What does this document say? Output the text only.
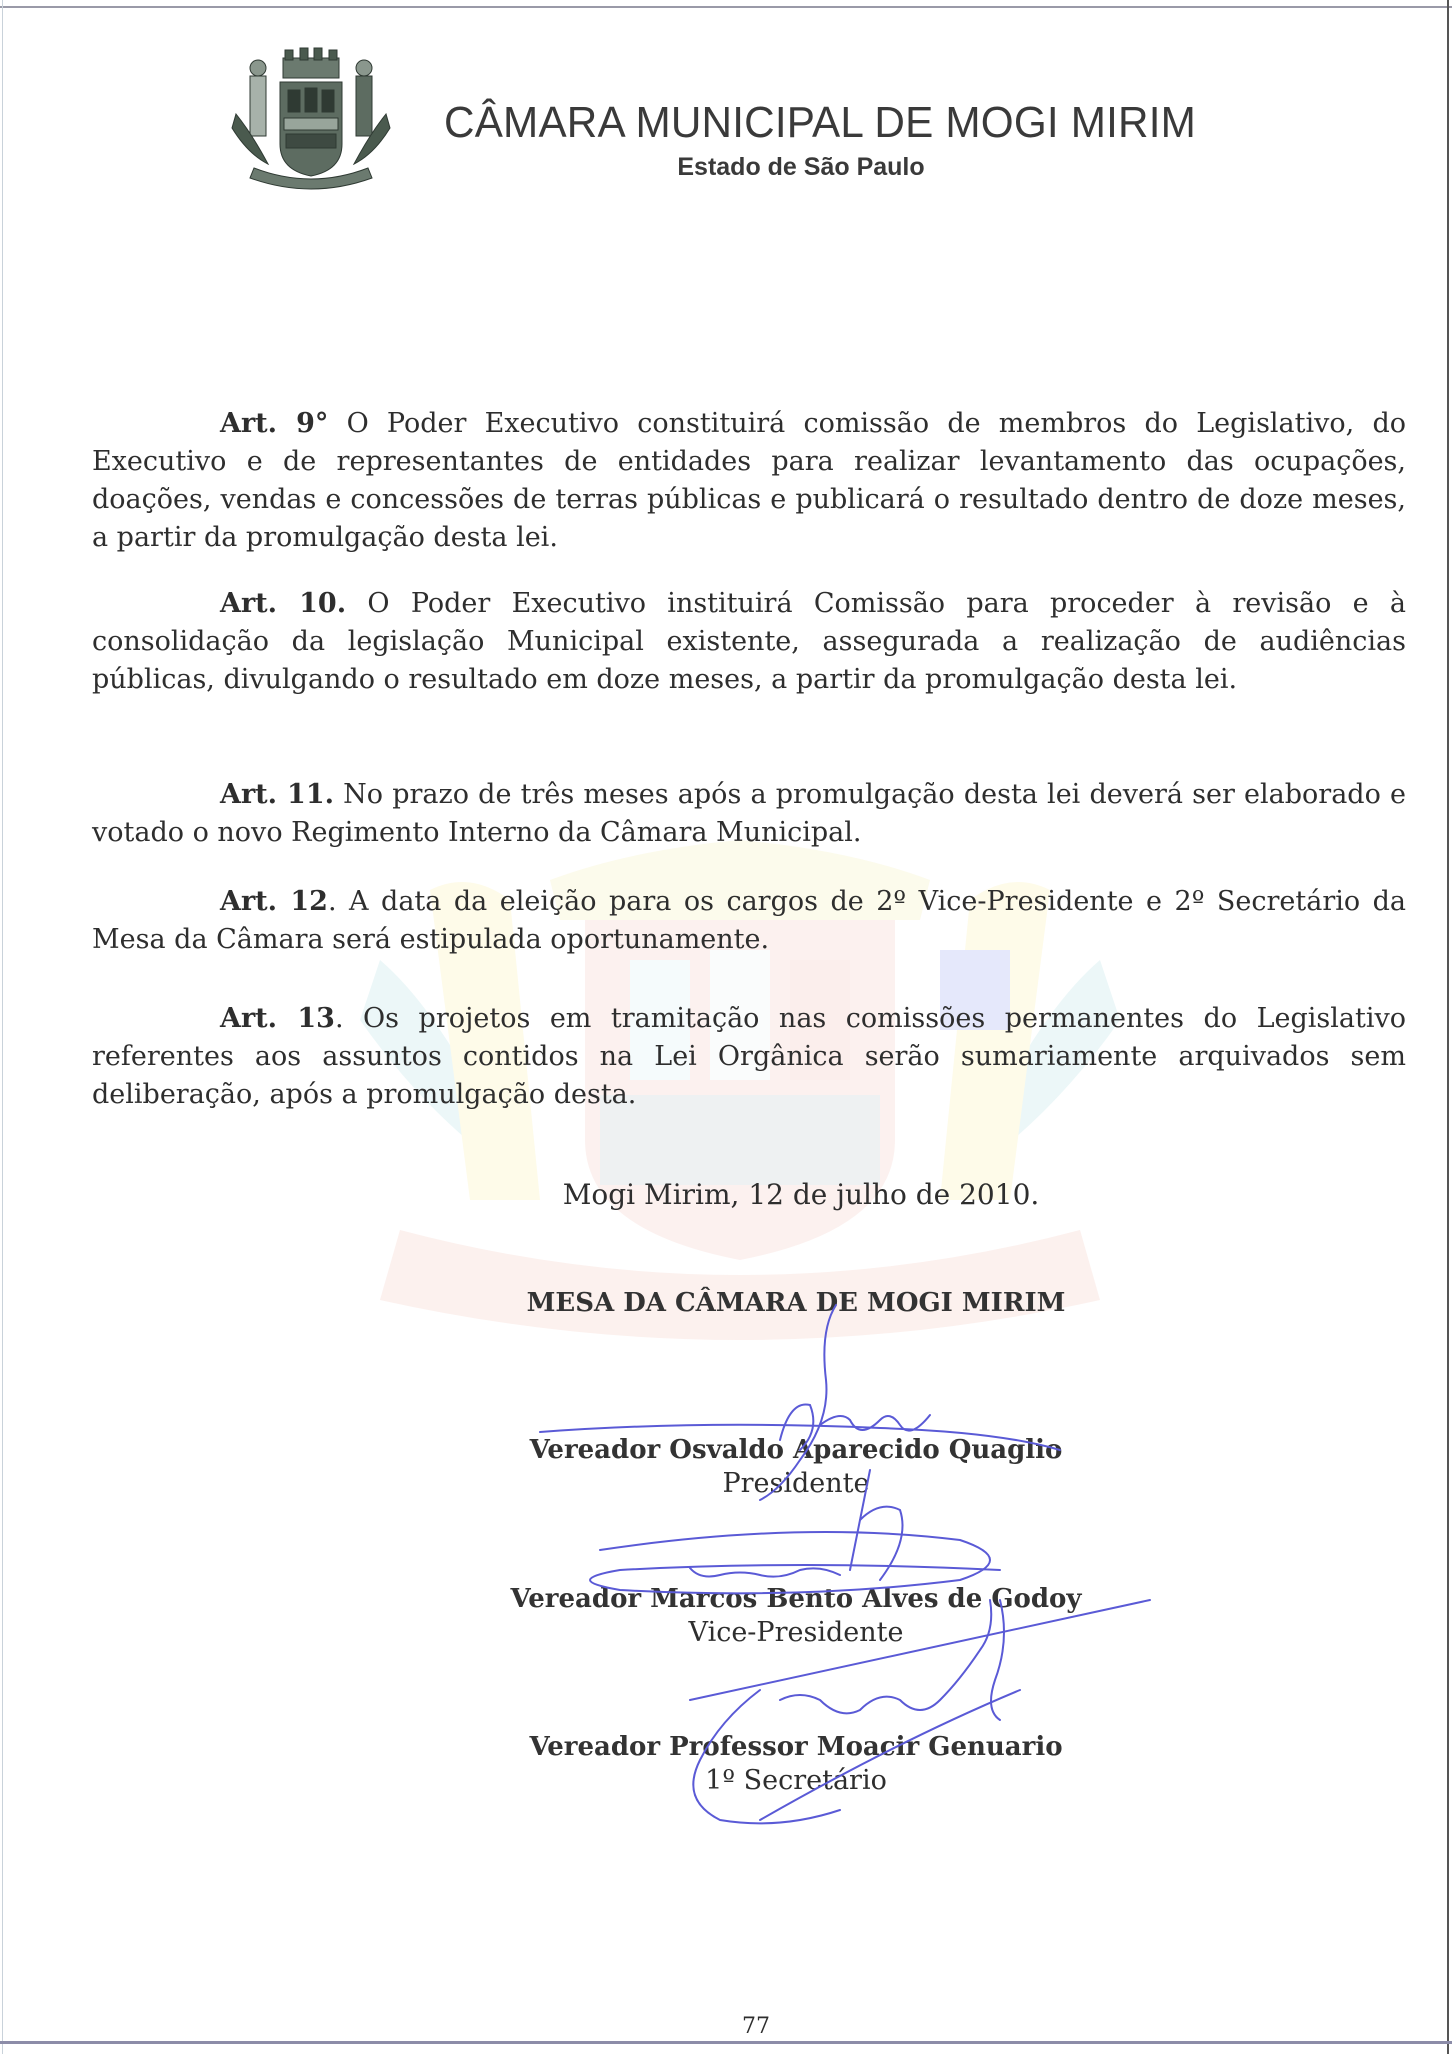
CÂMARA MUNICIPAL DE MOGI MIRIM
Estado de São Paulo

Art. 9° O Poder Executivo constituirá comissão de membros do Legislativo, do Executivo e de representantes de entidades para realizar levantamento das ocupações, doações, vendas e concessões de terras públicas e publicará o resultado dentro de doze meses, a partir da promulgação desta lei.

Art. 10. O Poder Executivo instituirá Comissão para proceder à revisão e à consolidação da legislação Municipal existente, assegurada a realização de audiências públicas, divulgando o resultado em doze meses, a partir da promulgação desta lei.

Art. 11. No prazo de três meses após a promulgação desta lei deverá ser elaborado e votado o novo Regimento Interno da Câmara Municipal.

Art. 12. A data da eleição para os cargos de 2º Vice-Presidente e 2º Secretário da Mesa da Câmara será estipulada oportunamente.

Art. 13. Os projetos em tramitação nas comissões permanentes do Legislativo referentes aos assuntos contidos na Lei Orgânica serão sumariamente arquivados sem deliberação, após a promulgação desta.

Mogi Mirim, 12 de julho de 2010.
MESA DA CÂMARA DE MOGI MIRIM
Vereador Osvaldo Aparecido Quaglio
Presidente
Vereador Marcos Bento Alves de Godoy
Vice-Presidente
Vereador Professor Moacir Genuario
1º Secretário
77
